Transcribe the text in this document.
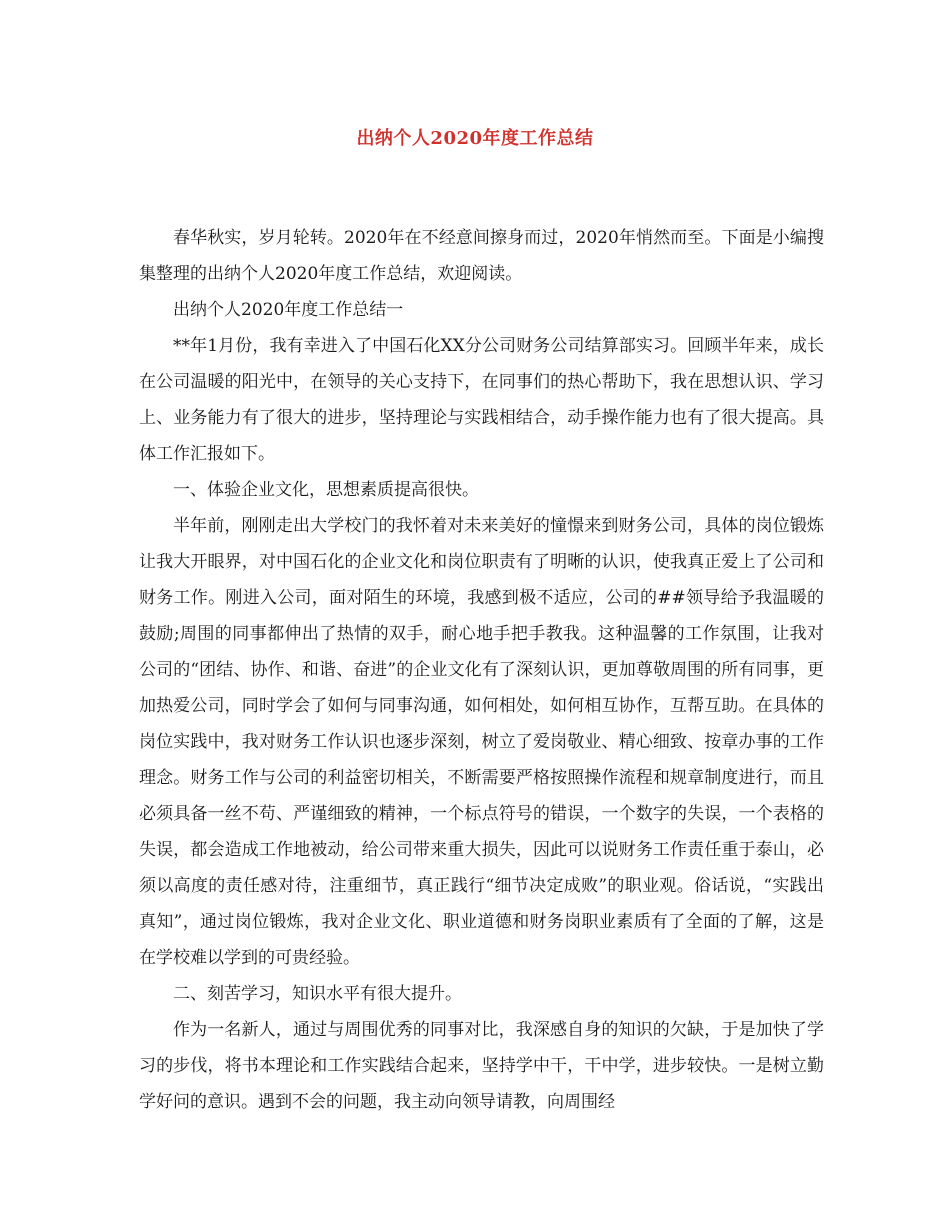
出纳个人2020年度工作总结

春华秋实，岁月轮转。2020年在不经意间擦身而过，2020年悄然而至。下面是小编搜集整理的出纳个人2020年度工作总结，欢迎阅读。

出纳个人2020年度工作总结一

**年1月份，我有幸进入了中国石化XX分公司财务公司结算部实习。回顾半年来，成长在公司温暖的阳光中，在领导的关心支持下，在同事们的热心帮助下，我在思想认识、学习上、业务能力有了很大的进步，坚持理论与实践相结合，动手操作能力也有了很大提高。具体工作汇报如下。

一、体验企业文化，思想素质提高很快。

半年前，刚刚走出大学校门的我怀着对未来美好的憧憬来到财务公司，具体的岗位锻炼让我大开眼界，对中国石化的企业文化和岗位职责有了明晰的认识，使我真正爱上了公司和财务工作。刚进入公司，面对陌生的环境，我感到极不适应，公司的##领导给予我温暖的鼓励;周围的同事都伸出了热情的双手，耐心地手把手教我。这种温馨的工作氛围，让我对公司的“团结、协作、和谐、奋进”的企业文化有了深刻认识，更加尊敬周围的所有同事，更加热爱公司，同时学会了如何与同事沟通，如何相处，如何相互协作，互帮互助。在具体的岗位实践中，我对财务工作认识也逐步深刻，树立了爱岗敬业、精心细致、按章办事的工作理念。财务工作与公司的利益密切相关，不断需要严格按照操作流程和规章制度进行，而且必须具备一丝不苟、严谨细致的精神，一个标点符号的错误，一个数字的失误，一个表格的失误，都会造成工作地被动，给公司带来重大损失，因此可以说财务工作责任重于泰山，必须以高度的责任感对待，注重细节，真正践行“细节决定成败”的职业观。俗话说，“实践出真知”，通过岗位锻炼，我对企业文化、职业道德和财务岗职业素质有了全面的了解，这是在学校难以学到的可贵经验。

二、刻苦学习，知识水平有很大提升。

作为一名新人，通过与周围优秀的同事对比，我深感自身的知识的欠缺，于是加快了学习的步伐，将书本理论和工作实践结合起来，坚持学中干，干中学，进步较快。一是树立勤学好问的意识。遇到不会的问题，我主动向领导请教，向周围经
